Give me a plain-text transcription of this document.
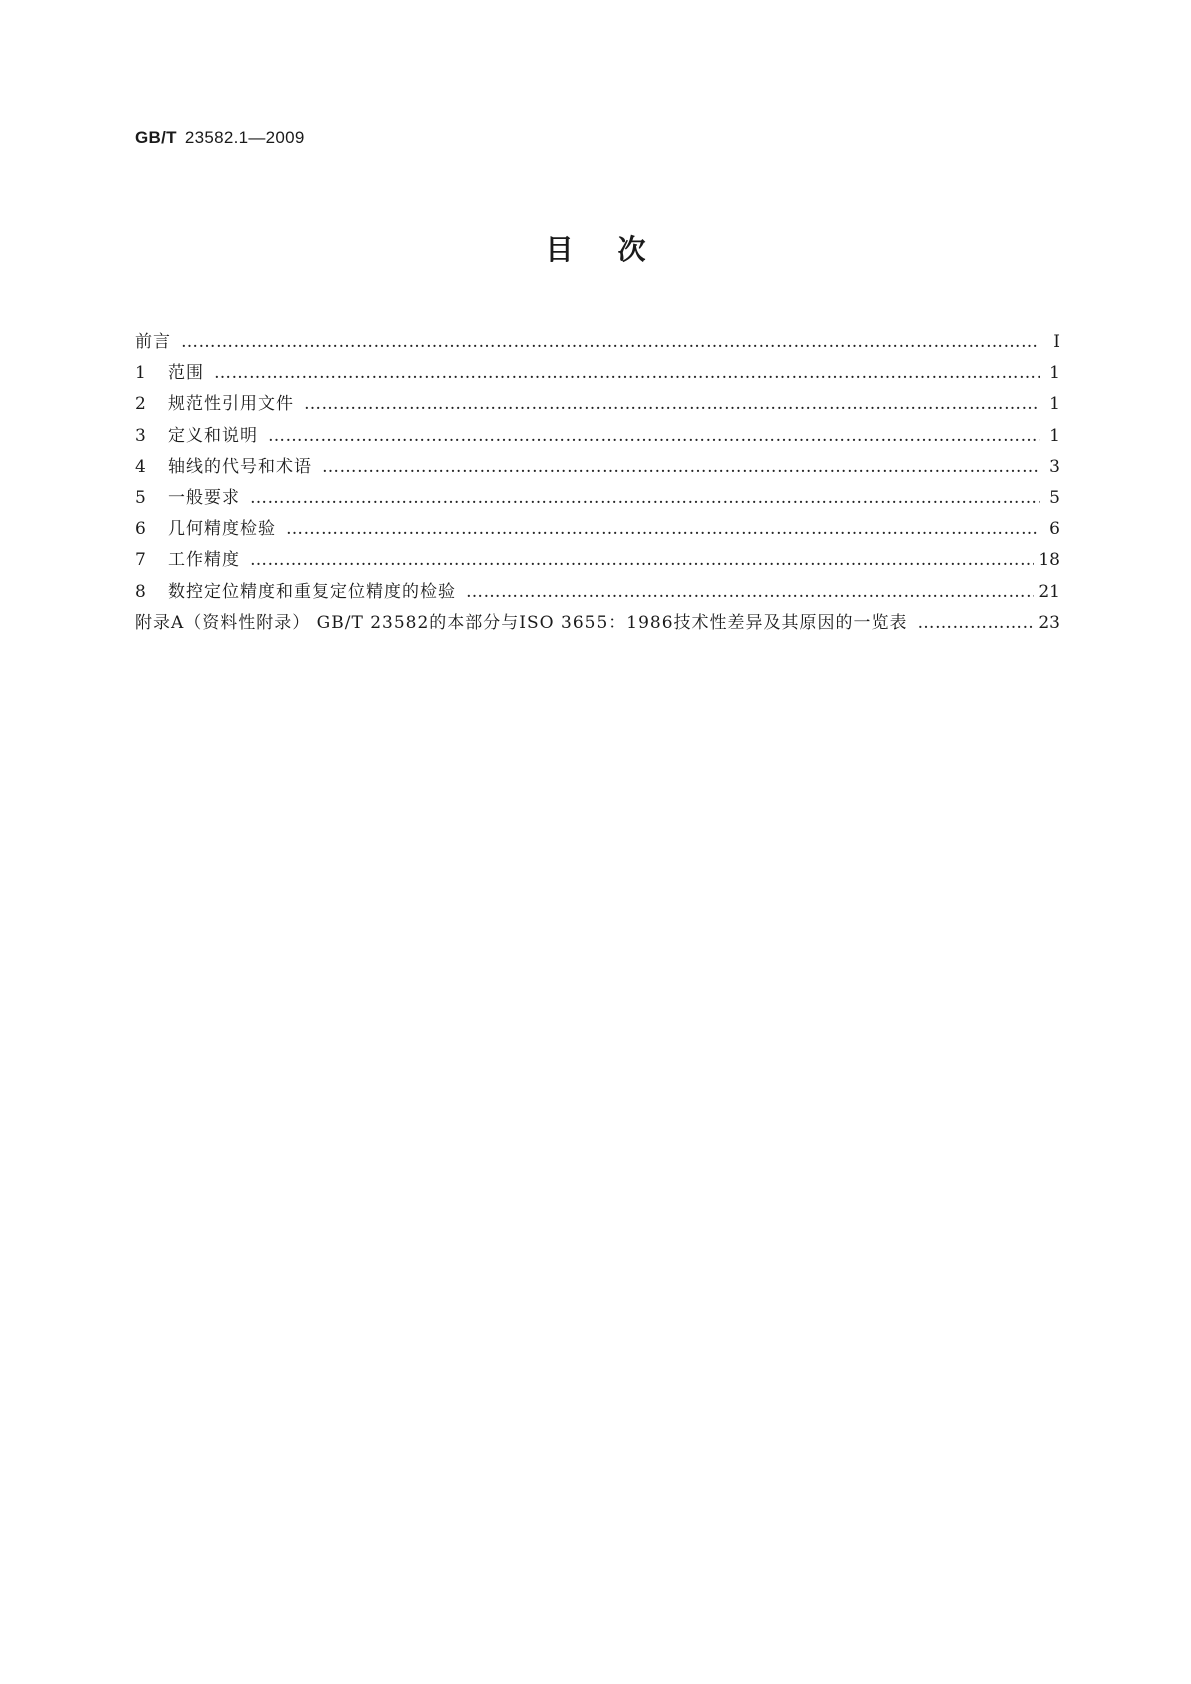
GB/T 23582.1—2009
目次
前言 ………………………………………………………………………………………………………………………………………………………………………………………………………	Ⅰ
1	范围 ………………………………………………………………………………………………………………………………………………………………………………………………………	1
2	规范性引用文件 ………………………………………………………………………………………………………………………………………………………………………………………………………	1
3	定义和说明 ………………………………………………………………………………………………………………………………………………………………………………………………………	1
4	轴线的代号和术语 ………………………………………………………………………………………………………………………………………………………………………………………………………	3
5	一般要求 ………………………………………………………………………………………………………………………………………………………………………………………………………	5
6	几何精度检验 ………………………………………………………………………………………………………………………………………………………………………………………………………	6
7	工作精度 ………………………………………………………………………………………………………………………………………………………………………………………………………	18
8	数控定位精度和重复定位精度的检验 ………………………………………………………………………………………………………………………………………………………………………………………………………	21
附录A（资料性附录） GB/T 23582的本部分与ISO 3655：1986技术性差异及其原因的一览表 ………………………………………………………………………………………………………………………………………………………………………………………………………	23
